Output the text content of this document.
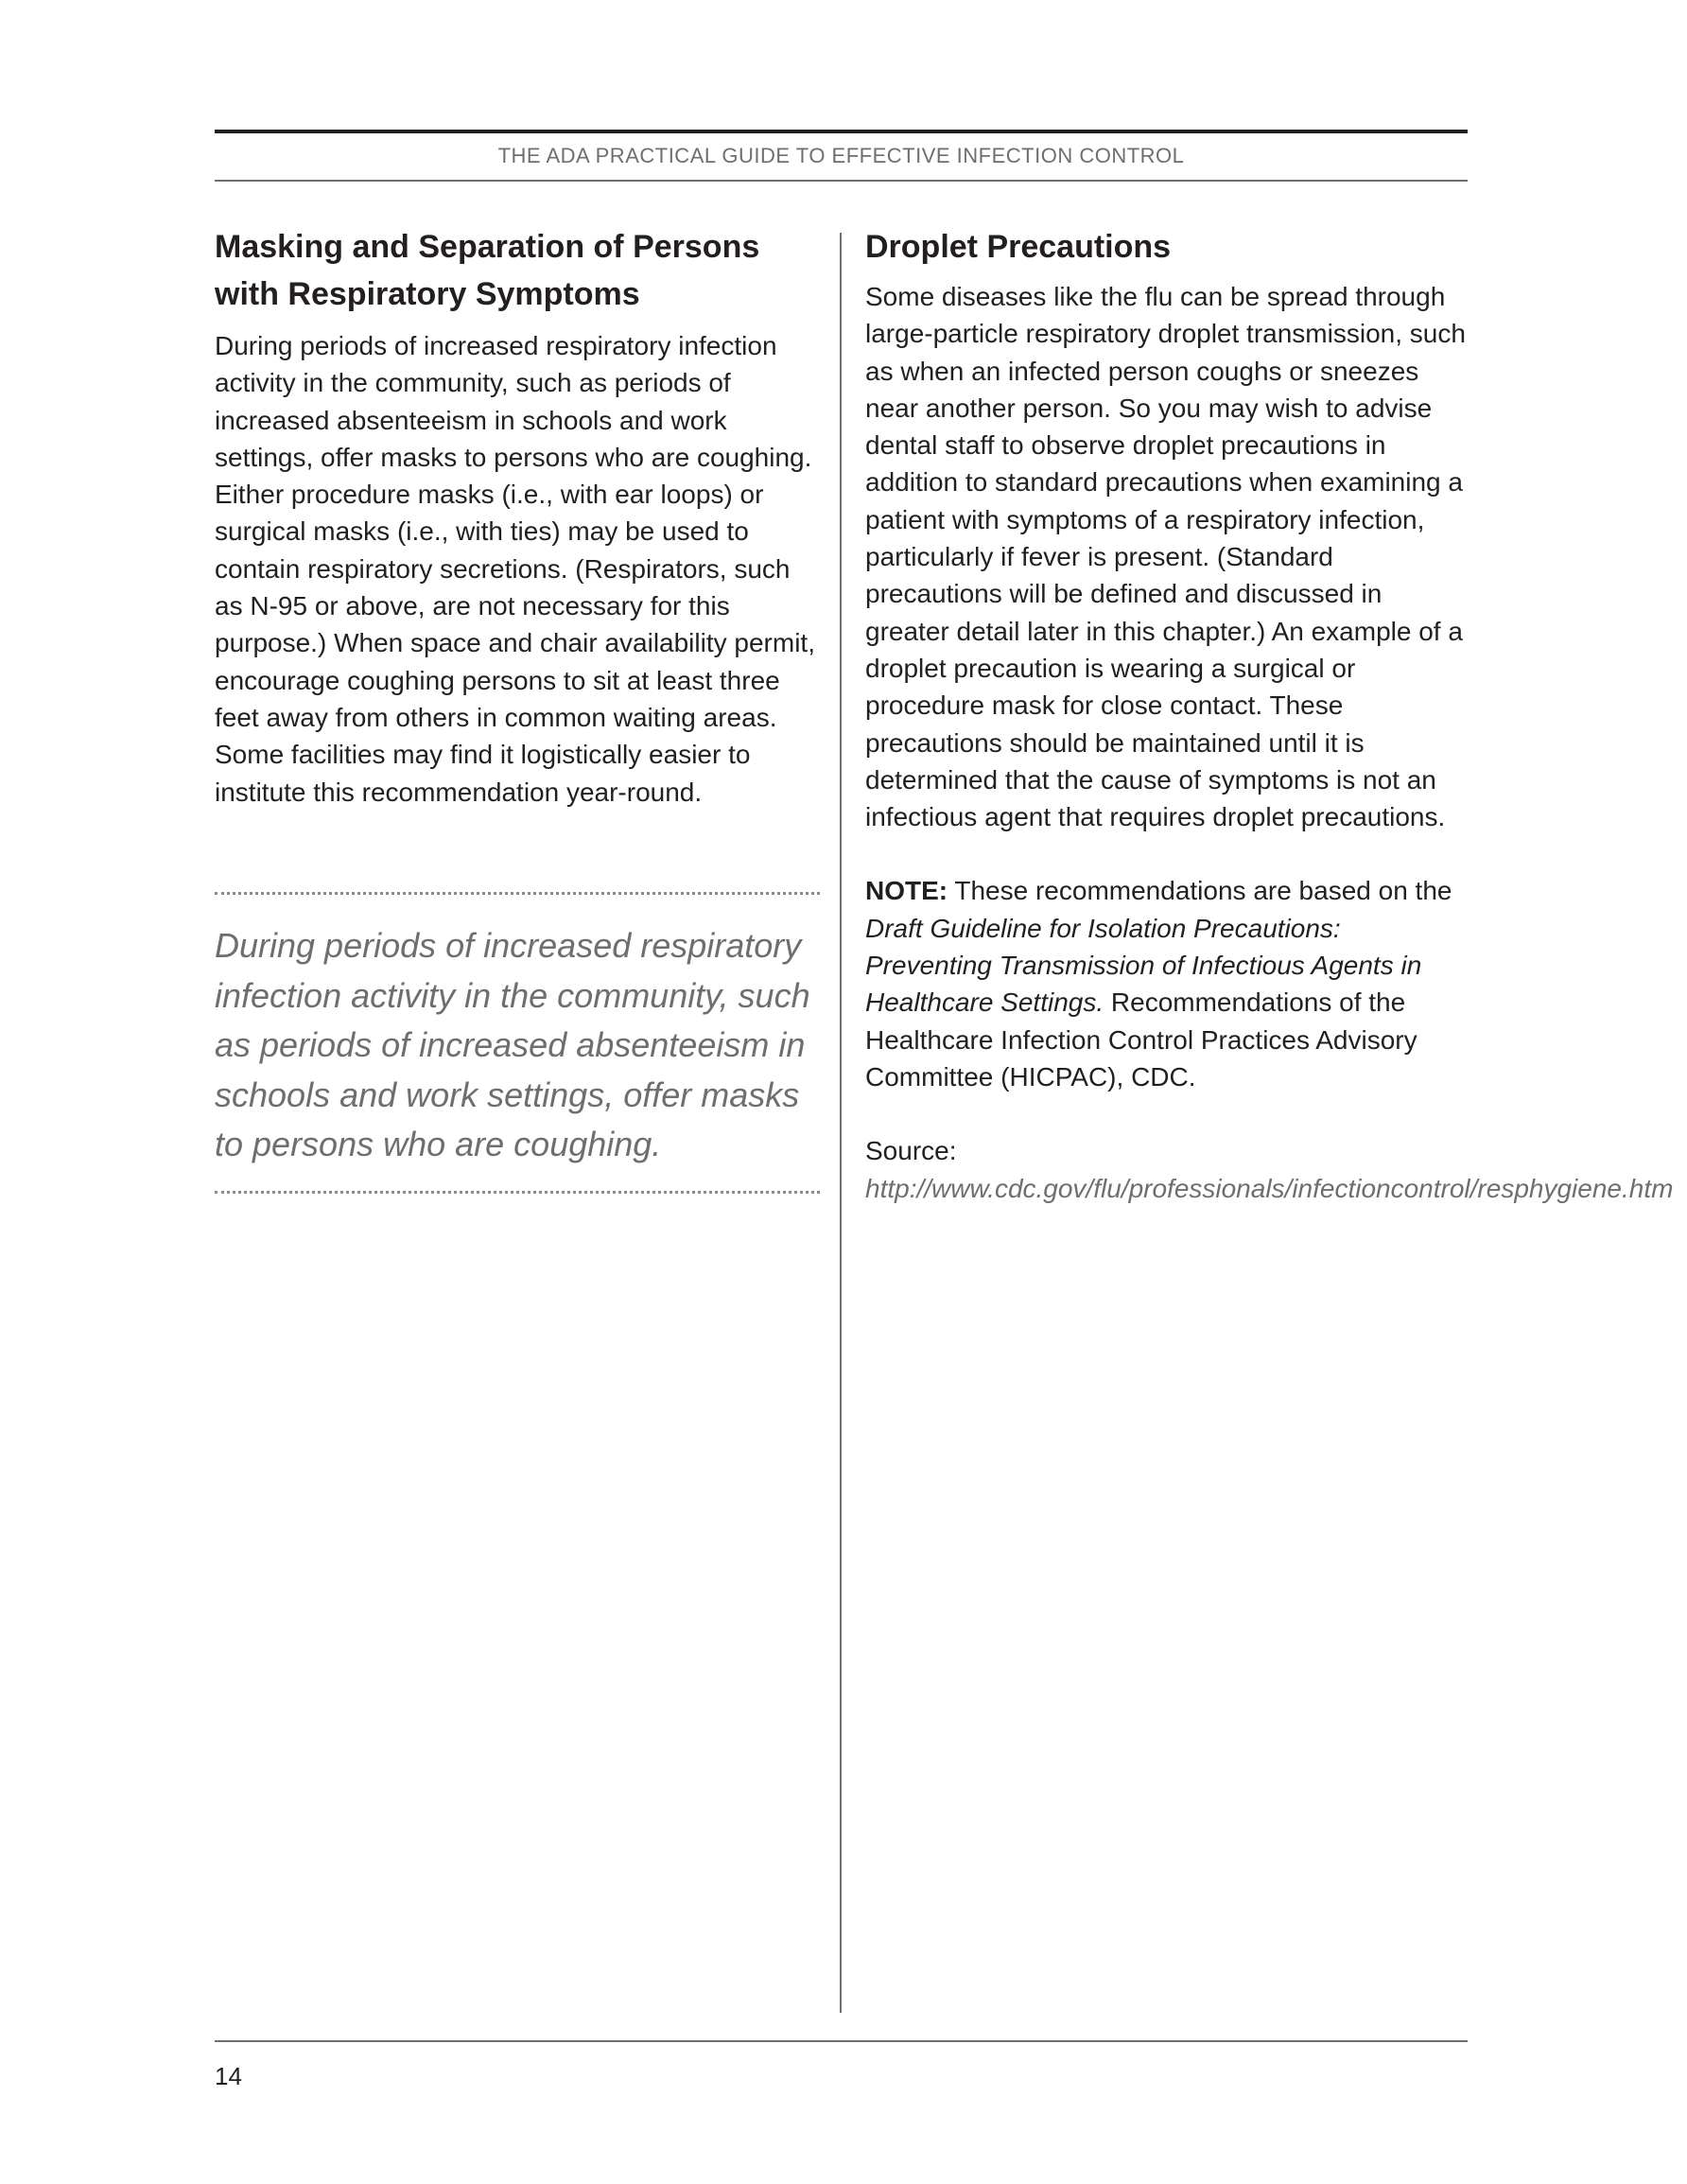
THE ADA PRACTICAL GUIDE TO EFFECTIVE INFECTION CONTROL
Masking and Separation of Persons with Respiratory Symptoms

During periods of increased respiratory infection activity in the community, such as periods of increased absenteeism in schools and work settings, offer masks to persons who are coughing. Either procedure masks (i.e., with ear loops) or surgical masks (i.e., with ties) may be used to contain respiratory secretions. (Respirators, such as N-95 or above, are not necessary for this purpose.) When space and chair availability permit, encourage coughing persons to sit at least three feet away from others in common waiting areas. Some facilities may find it logistically easier to institute this recommendation year-round.

During periods of increased respiratory infection activity in the community, such as periods of increased absenteeism in schools and work settings, offer masks to persons who are coughing.

Droplet Precautions

Some diseases like the flu can be spread through large-particle respiratory droplet transmission, such as when an infected person coughs or sneezes near another person. So you may wish to advise dental staff to observe droplet precautions in addition to standard precautions when examining a patient with symptoms of a respiratory infection, particularly if fever is present. (Standard precautions will be defined and discussed in greater detail later in this chapter.) An example of a droplet precaution is wearing a surgical or procedure mask for close contact. These precautions should be maintained until it is determined that the cause of symptoms is not an infectious agent that requires droplet precautions.

NOTE: These recommendations are based on the Draft Guideline for Isolation Precautions: Preventing Transmission of Infectious Agents in Healthcare Settings. Recommendations of the Healthcare Infection Control Practices Advisory Committee (HICPAC), CDC.

Source: http://www.cdc.gov/flu/professionals/infectioncontrol/resphygiene.htm

14
